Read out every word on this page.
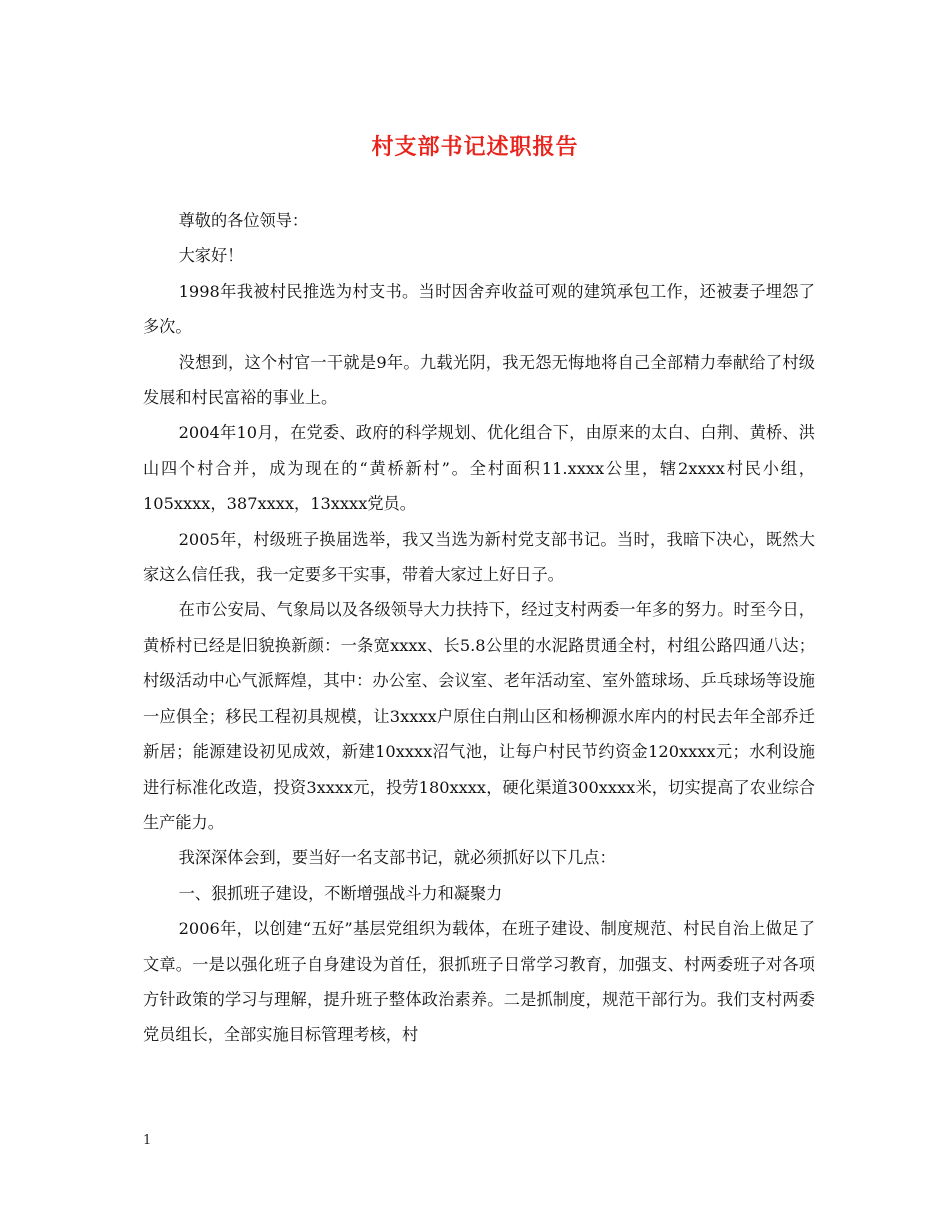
村支部书记述职报告

尊敬的各位领导：

大家好！

1998年我被村民推选为村支书。当时因舍弃收益可观的建筑承包工作，还被妻子埋怨了多次。

没想到，这个村官一干就是9年。九载光阴，我无怨无悔地将自己全部精力奉献给了村级发展和村民富裕的事业上。

2004年10月，在党委、政府的科学规划、优化组合下，由原来的太白、白荆、黄桥、洪山四个村合并，成为现在的“黄桥新村”。全村面积11.xxxx公里，辖2xxxx村民小组，105xxxx，387xxxx，13xxxx党员。

2005年，村级班子换届选举，我又当选为新村党支部书记。当时，我暗下决心，既然大家这么信任我，我一定要多干实事，带着大家过上好日子。

在市公安局、气象局以及各级领导大力扶持下，经过支村两委一年多的努力。时至今日，黄桥村已经是旧貌换新颜：一条宽xxxx、长5.8公里的水泥路贯通全村，村组公路四通八达；村级活动中心气派辉煌，其中：办公室、会议室、老年活动室、室外篮球场、乒乓球场等设施一应俱全；移民工程初具规模，让3xxxx户原住白荆山区和杨柳源水库内的村民去年全部乔迁新居；能源建设初见成效，新建10xxxx沼气池，让每户村民节约资金120xxxx元；水利设施进行标准化改造，投资3xxxx元，投劳180xxxx，硬化渠道300xxxx米，切实提高了农业综合生产能力。

我深深体会到，要当好一名支部书记，就必须抓好以下几点：

一、狠抓班子建设，不断增强战斗力和凝聚力

2006年，以创建“五好”基层党组织为载体，在班子建设、制度规范、村民自治上做足了文章。一是以强化班子自身建设为首任，狠抓班子日常学习教育，加强支、村两委班子对各项方针政策的学习与理解，提升班子整体政治素养。二是抓制度，规范干部行为。我们支村两委党员组长，全部实施目标管理考核，村

1
